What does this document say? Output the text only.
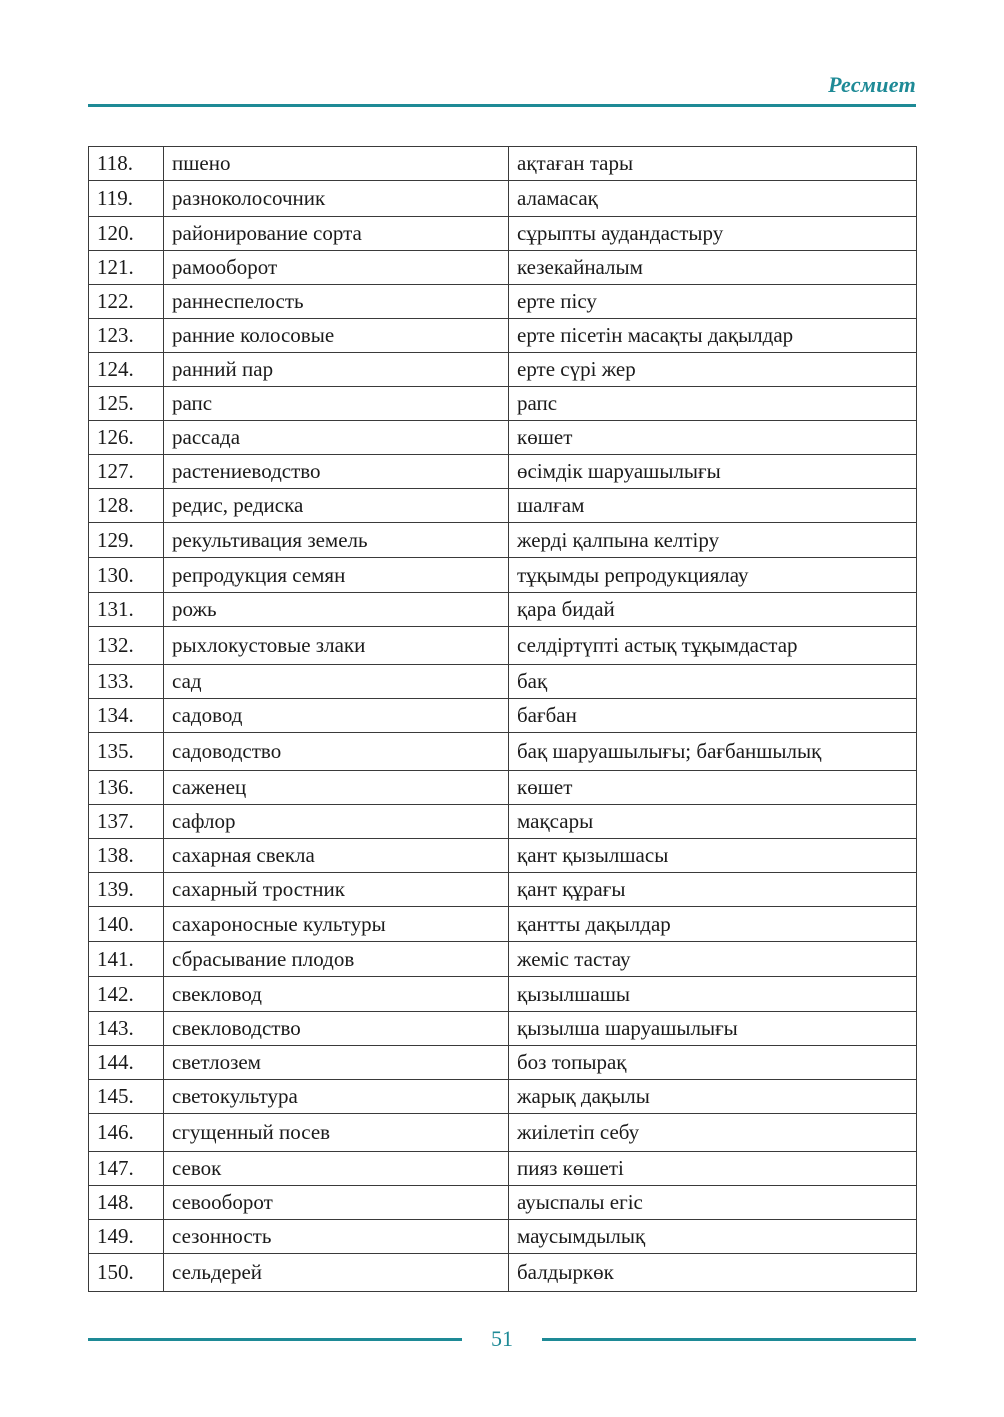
Ресмиет
118.	пшено	ақтаған тары
119.	разноколосочник	аламасақ
120.	районирование сорта	сұрыпты аудандастыру
121.	рамооборот	кезекайналым
122.	раннеспелость	ерте пісу
123.	ранние колосовые	ерте пісетін масақты дақылдар
124.	ранний пар	ерте сүрі жер
125.	рапс	рапс
126.	рассада	көшет
127.	растениеводство	өсімдік шаруашылығы
128.	редис, редиска	шалғам
129.	рекультивация земель	жерді қалпына келтіру
130.	репродукция семян	тұқымды репродукциялау
131.	рожь	қара бидай
132.	рыхлокустовые злаки	селдіртүпті астық тұқымдастар
133.	сад	бақ
134.	садовод	бағбан
135.	садоводство	бақ шаруашылығы; бағбаншылық
136.	саженец	көшет
137.	сафлор	мақсары
138.	сахарная свекла	қант қызылшасы
139.	сахарный тростник	қант құрағы
140.	сахароносные культуры	қантты дақылдар
141.	сбрасывание плодов	жеміс тастау
142.	свекловод	қызылшашы
143.	свекловодство	қызылша шаруашылығы
144.	светлозем	боз топырақ
145.	светокультура	жарық дақылы
146.	сгущенный посев	жиілетіп себу
147.	севок	пияз көшеті
148.	севооборот	ауыспалы егіс
149.	сезонность	маусымдылық
150.	сельдерей	балдыркөк
51
